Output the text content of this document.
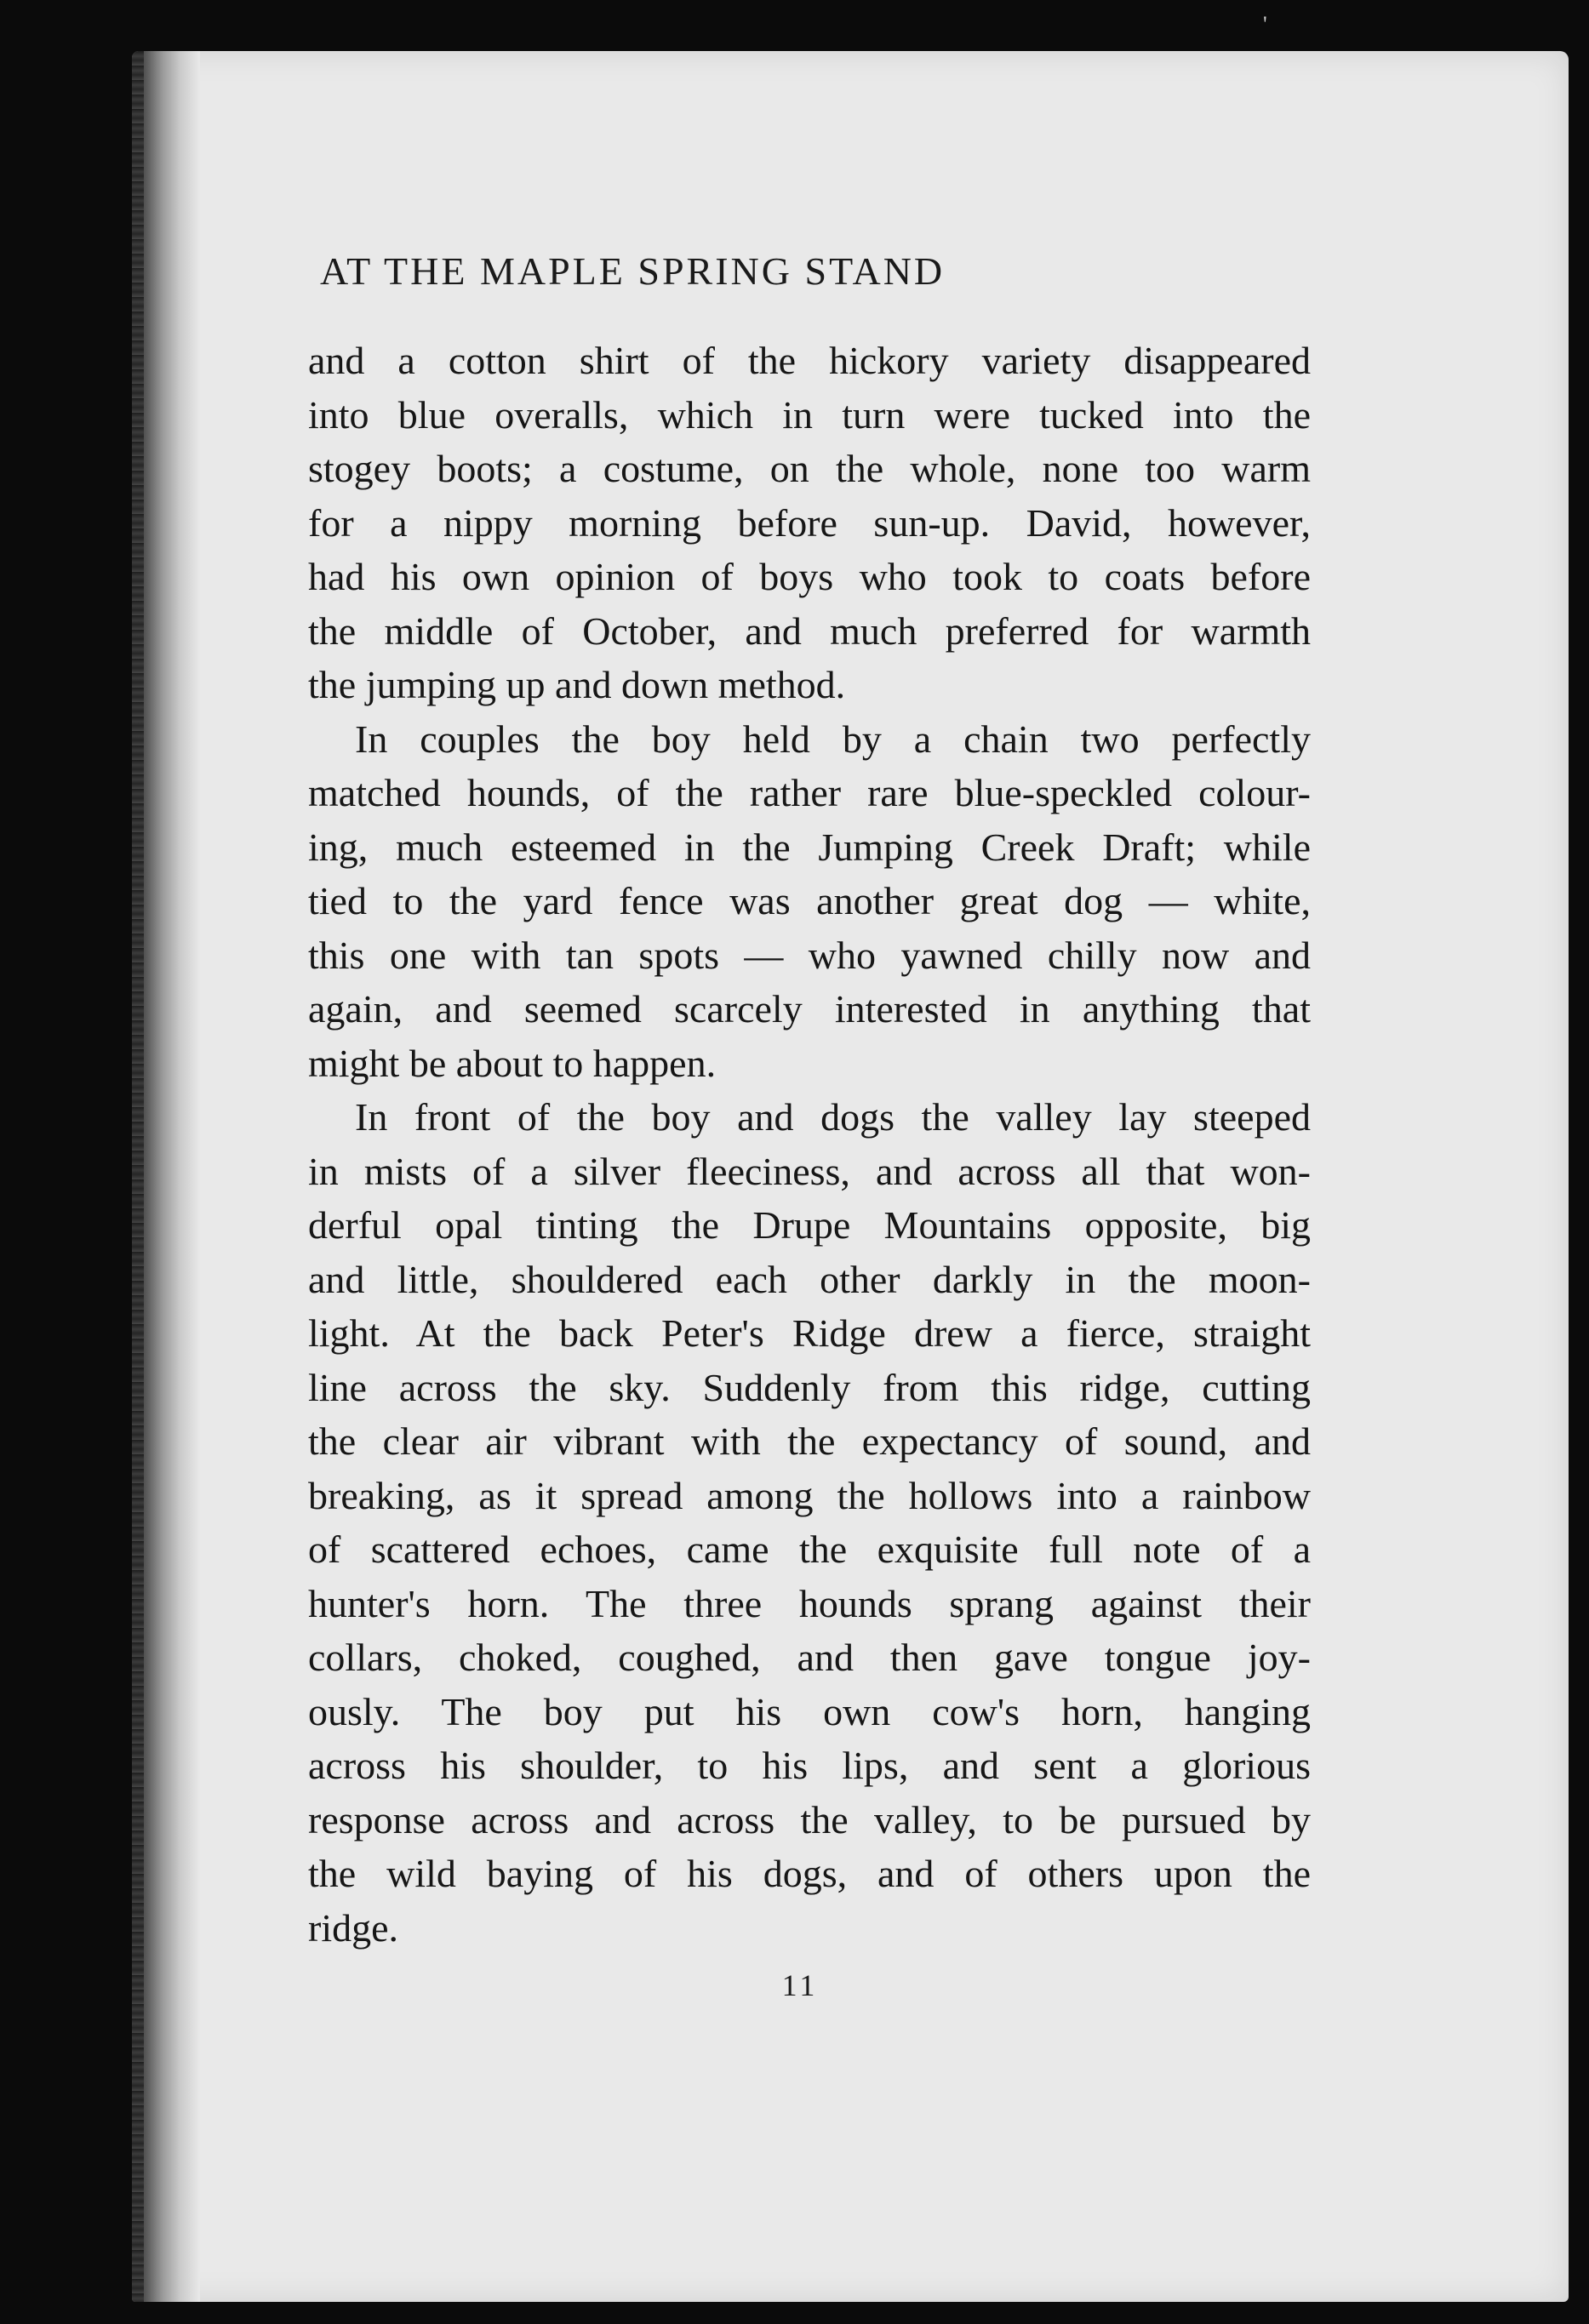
'
AT THE MAPLE SPRING STAND

and a cotton shirt of the hickory variety disappeared
into blue overalls, which in turn were tucked into the
stogey boots; a costume, on the whole, none too warm
for a nippy morning before sun-up. David, however,
had his own opinion of boys who took to coats before
the middle of October, and much preferred for warmth
the jumping up and down method.

In couples the boy held by a chain two perfectly
matched hounds, of the rather rare blue-speckled colour-
ing, much esteemed in the Jumping Creek Draft; while
tied to the yard fence was another great dog — white,
this one with tan spots — who yawned chilly now and
again, and seemed scarcely interested in anything that
might be about to happen.

In front of the boy and dogs the valley lay steeped
in mists of a silver fleeciness, and across all that won-
derful opal tinting the Drupe Mountains opposite, big
and little, shouldered each other darkly in the moon-
light. At the back Peter's Ridge drew a fierce, straight
line across the sky. Suddenly from this ridge, cutting
the clear air vibrant with the expectancy of sound, and
breaking, as it spread among the hollows into a rainbow
of scattered echoes, came the exquisite full note of a
hunter's horn. The three hounds sprang against their
collars, choked, coughed, and then gave tongue joy-
ously. The boy put his own cow's horn, hanging
across his shoulder, to his lips, and sent a glorious
response across and across the valley, to be pursued by
the wild baying of his dogs, and of others upon the
ridge.

11
